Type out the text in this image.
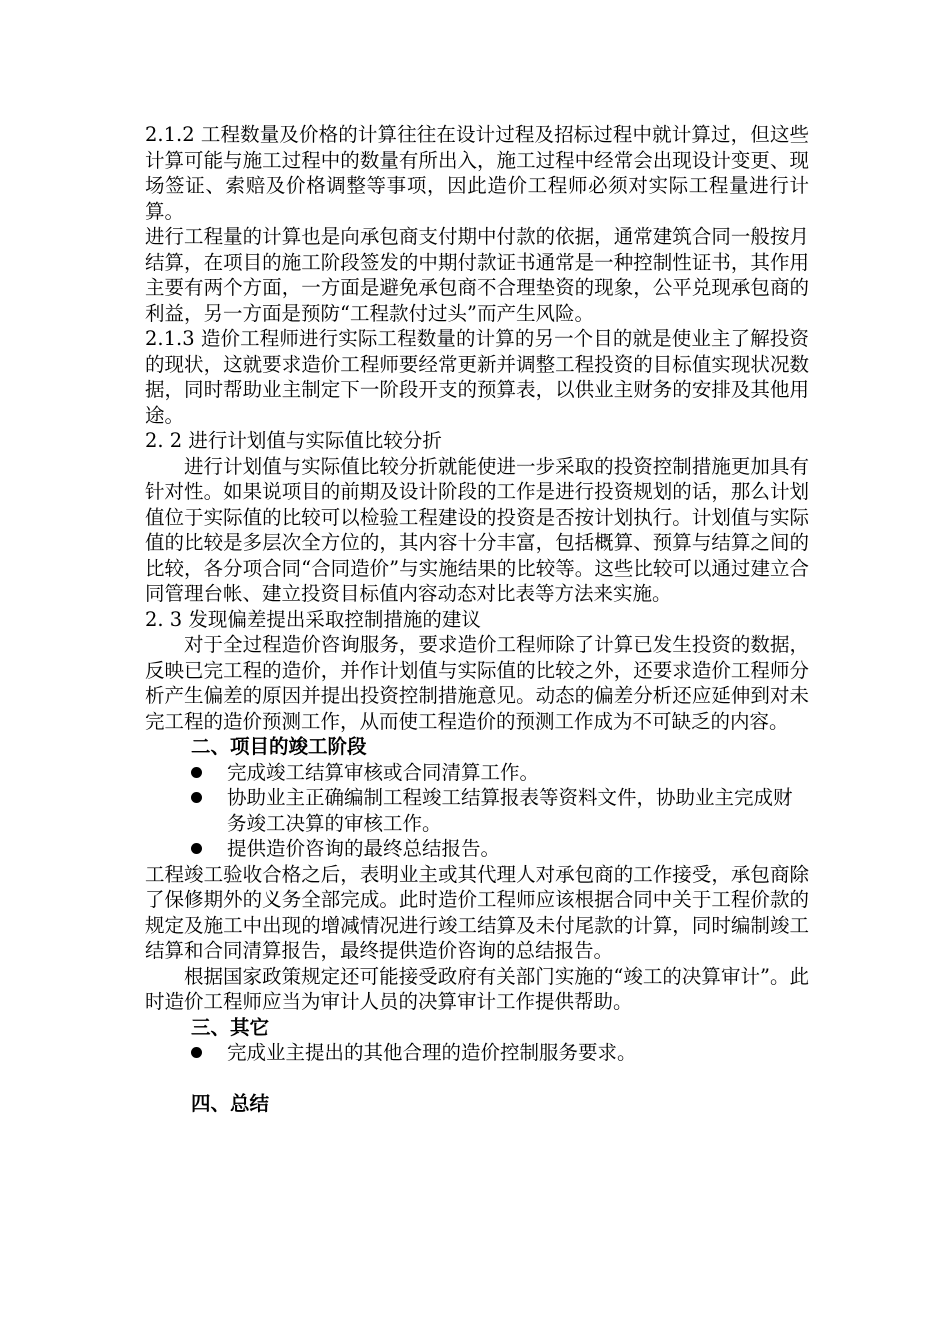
2.1.2 工程数量及价格的计算往往在设计过程及招标过程中就计算过，但这些计算可能与施工过程中的数量有所出入，施工过程中经常会出现设计变更、现场签证、索赔及价格调整等事项，因此造价工程师必须对实际工程量进行计算。

进行工程量的计算也是向承包商支付期中付款的依据，通常建筑合同一般按月结算，在项目的施工阶段签发的中期付款证书通常是一种控制性证书，其作用主要有两个方面，一方面是避免承包商不合理垫资的现象，公平兑现承包商的利益，另一方面是预防“工程款付过头”而产生风险。

2.1.3 造价工程师进行实际工程数量的计算的另一个目的就是使业主了解投资的现状，这就要求造价工程师要经常更新并调整工程投资的目标值实现状况数据，同时帮助业主制定下一阶段开支的预算表，以供业主财务的安排及其他用途。

2. 2 进行计划值与实际值比较分折

进行计划值与实际值比较分折就能使进一步采取的投资控制措施更加具有针对性。如果说项目的前期及设计阶段的工作是进行投资规划的话，那么计划值位于实际值的比较可以检验工程建设的投资是否按计划执行。计划值与实际值的比较是多层次全方位的，其内容十分丰富，包括概算、预算与结算之间的比较，各分项合同“合同造价”与实施结果的比较等。这些比较可以通过建立合同管理台帐、建立投资目标值内容动态对比表等方法来实施。

2. 3 发现偏差提出采取控制措施的建议

对于全过程造价咨询服务，要求造价工程师除了计算已发生投资的数据，反映已完工程的造价，并作计划值与实际值的比较之外，还要求造价工程师分析产生偏差的原因并提出投资控制措施意见。动态的偏差分析还应延伸到对未完工程的造价预测工作，从而使工程造价的预测工作成为不可缺乏的内容。

二、项目的竣工阶段

完成竣工结算审核或合同清算工作。
协助业主正确编制工程竣工结算报表等资料文件，协助业主完成财务竣工决算的审核工作。
提供造价咨询的最终总结报告。

工程竣工验收合格之后，表明业主或其代理人对承包商的工作接受，承包商除了保修期外的义务全部完成。此时造价工程师应该根据合同中关于工程价款的规定及施工中出现的增减情况进行竣工结算及未付尾款的计算，同时编制竣工结算和合同清算报告，最终提供造价咨询的总结报告。

根据国家政策规定还可能接受政府有关部门实施的“竣工的决算审计”。此时造价工程师应当为审计人员的决算审计工作提供帮助。

三、其它

完成业主提出的其他合理的造价控制服务要求。

四、总结
